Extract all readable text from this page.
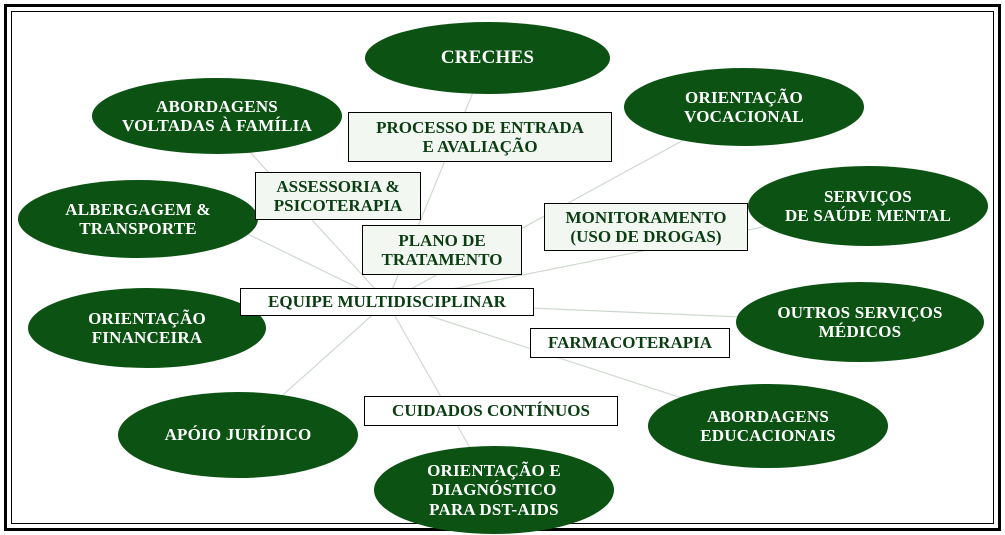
CRECHES
ABORDAGENS
VOLTADAS À FAMÍLIA
ORIENTAÇÃO
VOCACIONAL
ALBERGAGEM &
TRANSPORTE
SERVIÇOS
DE SAÚDE MENTAL
ORIENTAÇÃO
FINANCEIRA
OUTROS SERVIÇOS
MÉDICOS
APÓIO JURÍDICO
ABORDAGENS
EDUCACIONAIS
ORIENTAÇÃO E
DIAGNÓSTICO
PARA DST-AIDS
PROCESSO DE ENTRADA
E AVALIAÇÃO
ASSESSORIA &
PSICOTERAPIA
MONITORAMENTO
(USO DE DROGAS)
PLANO DE
TRATAMENTO
EQUIPE MULTIDISCIPLINAR
FARMACOTERAPIA
CUIDADOS CONTÍNUOS
